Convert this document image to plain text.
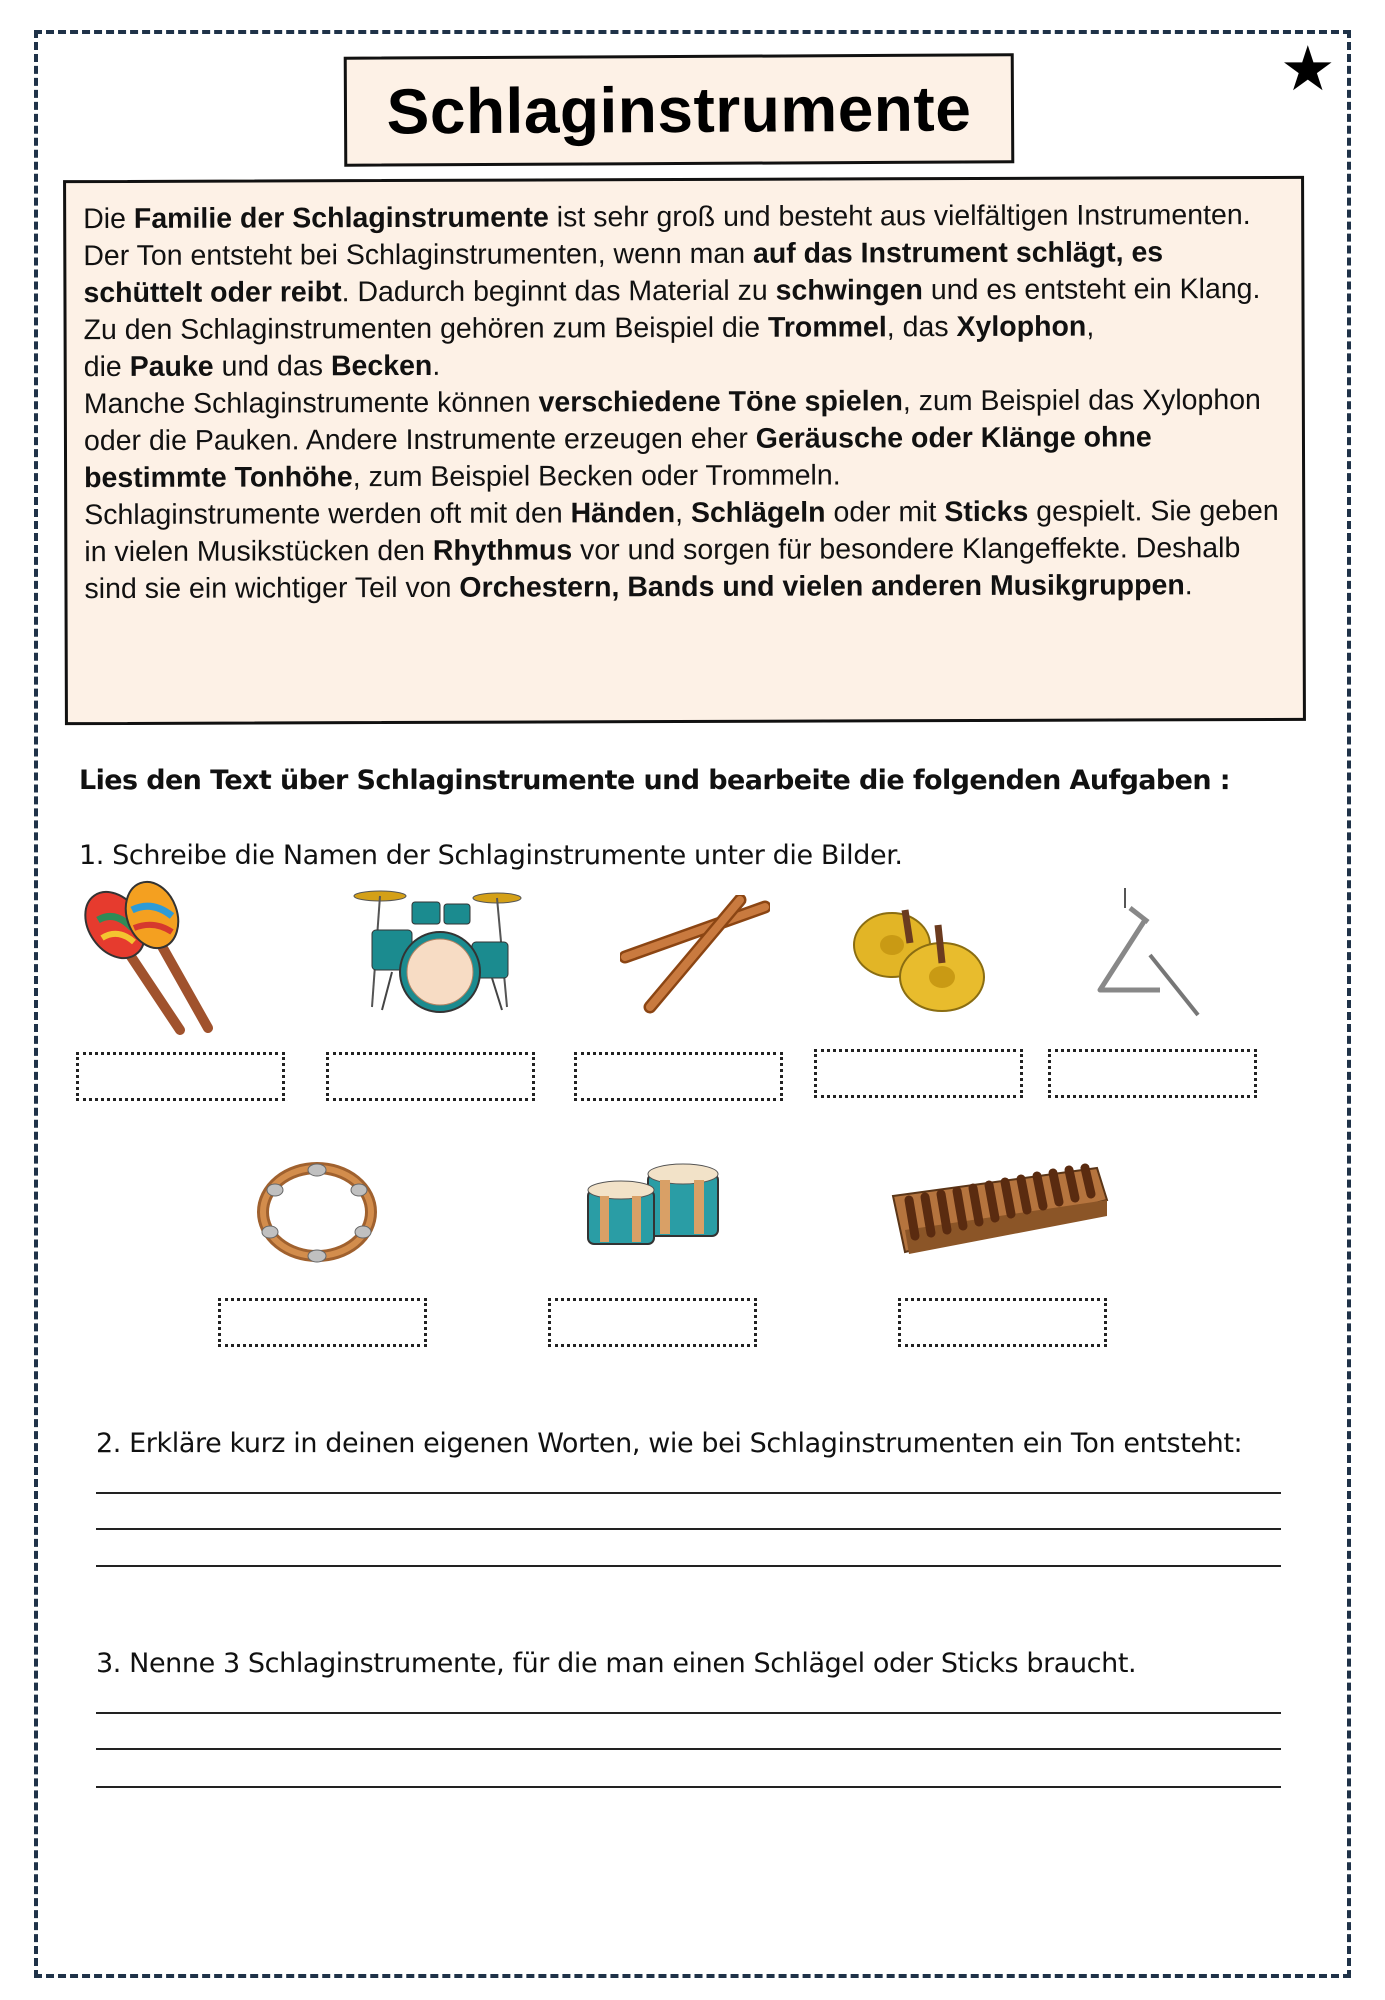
★
Schlaginstrumente

Die Familie der Schlaginstrumente ist sehr groß und besteht aus vielfältigen Instrumenten. Der Ton entsteht bei Schlaginstrumenten, wenn man auf das Instrument schlägt, es schüttelt oder reibt. Dadurch beginnt das Material zu schwingen und es entsteht ein Klang.
Zu den Schlaginstrumenten gehören zum Beispiel die Trommel, das Xylophon,
die Pauke und das Becken.
Manche Schlaginstrumente können verschiedene Töne spielen, zum Beispiel das Xylophon oder die Pauken. Andere Instrumente erzeugen eher Geräusche oder Klänge ohne bestimmte Tonhöhe, zum Beispiel Becken oder Trommeln.
Schlaginstrumente werden oft mit den Händen, Schlägeln oder mit Sticks gespielt. Sie geben in vielen Musikstücken den Rhythmus vor und sorgen für besondere Klangeffekte. Deshalb sind sie ein wichtiger Teil von Orchestern, Bands und vielen anderen Musikgruppen.

Lies den Text über Schlaginstrumente und bearbeite die folgenden Aufgaben :
1. Schreibe die Namen der Schlaginstrumente unter die Bilder.
2. Erkläre kurz in deinen eigenen Worten, wie bei Schlaginstrumenten ein Ton entsteht:
3. Nenne 3 Schlaginstrumente, für die man einen Schlägel oder Sticks braucht.
